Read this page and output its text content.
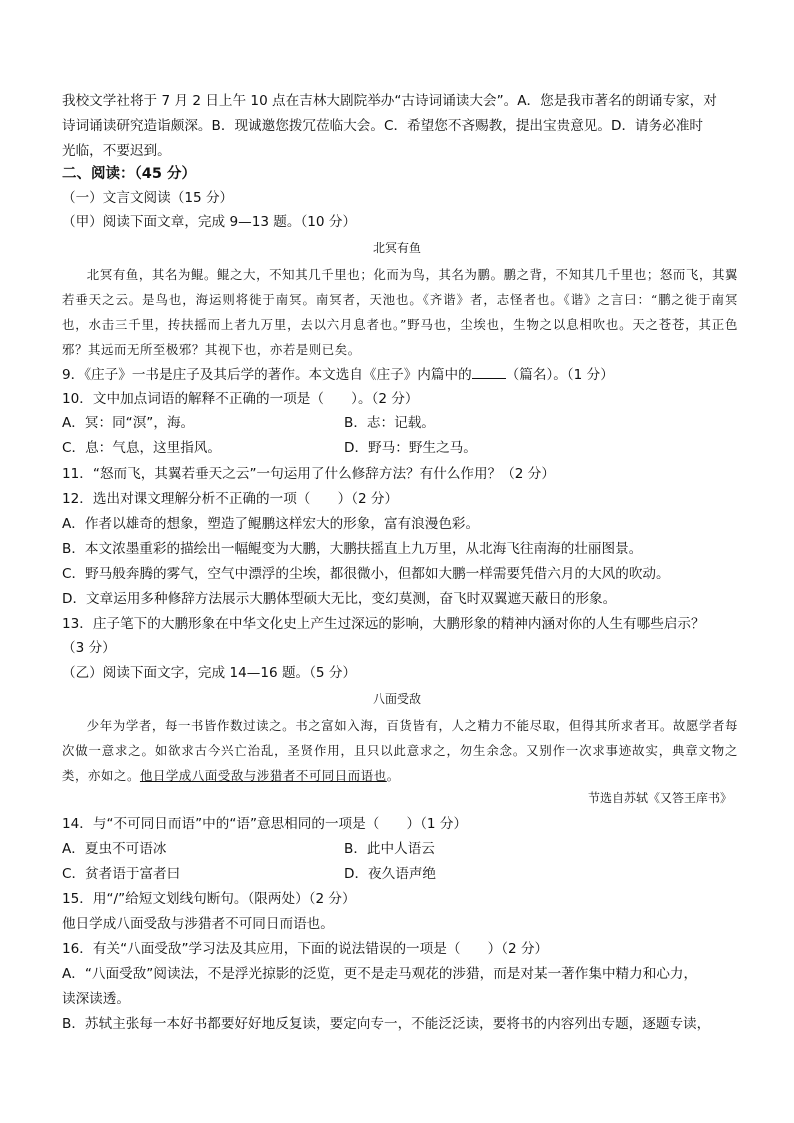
我校文学社将于 7 月 2 日上午 10 点在吉林大剧院举办“古诗词诵读大会”。A．您是我市著名的朗诵专家，对
诗词诵读研究造诣颇深。B．现诚邀您拨冗莅临大会。C．希望您不吝赐教，提出宝贵意见。D．请务必准时
光临，不要迟到。
二、阅读：（45 分）
（一）文言文阅读（15 分）
（甲）阅读下面文章，完成 9—13 题。（10 分）
北冥有鱼
北冥有鱼，其名为鲲。鲲之大，不知其几千里也；化而为鸟，其名为鹏。鹏之背，不知其几千里也；怒而飞，其翼若垂天之云。是鸟也，海运则将徙于南冥。南冥者，天池也。《齐谐》者，志怪者也。《谐》之言曰：“鹏之徙于南冥也，水击三千里，抟扶摇而上者九万里，去以六月息者也。”野马也，尘埃也，生物之以息相吹也。天之苍苍，其正色邪？其远而无所至极邪？其视下也，亦若是则已矣。
9．《庄子》一书是庄子及其后学的著作。本文选自《庄子》内篇中的	（篇名）。（1 分）
10．文中加点词语的解释不正确的一项是（　　）。（2 分）
A．冥：同“溟”，海。	B．志：记载。
C．息：气息，这里指风。	D．野马：野生之马。
11．“怒而飞，其翼若垂天之云”一句运用了什么修辞方法？有什么作用？（2 分）
12．选出对课文理解分析不正确的一项（　　）（2 分）
A．作者以雄奇的想象，塑造了鲲鹏这样宏大的形象，富有浪漫色彩。
B．本文浓墨重彩的描绘出一幅鲲变为大鹏，大鹏扶摇直上九万里，从北海飞往南海的壮丽图景。
C．野马般奔腾的雾气，空气中漂浮的尘埃，都很微小，但都如大鹏一样需要凭借六月的大风的吹动。
D．文章运用多种修辞方法展示大鹏体型硕大无比，变幻莫测，奋飞时双翼遮天蔽日的形象。
13．庄子笔下的大鹏形象在中华文化史上产生过深远的影响，大鹏形象的精神内涵对你的人生有哪些启示？
（3 分）
（乙）阅读下面文字，完成 14—16 题。（5 分）
八面受敌
少年为学者，每一书皆作数过读之。书之富如入海，百货皆有，人之精力不能尽取，但得其所求者耳。故愿学者每次做一意求之。如欲求古今兴亡治乱，圣贤作用，且只以此意求之，勿生余念。又别作一次求事迹故实，典章文物之类，亦如之。他日学成八面受敌与涉猎者不可同日而语也。
节选自苏轼《又答王庠书》
14．与“不可同日而语”中的“语”意思相同的一项是（　　）（1 分）
A．夏虫不可语冰	B．此中人语云
C．贫者语于富者曰	D．夜久语声绝
15．用“/”给短文划线句断句。（限两处）（2 分）
他日学成八面受敌与涉猎者不可同日而语也。
16．有关“八面受敌”学习法及其应用，下面的说法错误的一项是（　　）（2 分）
A．“八面受敌”阅读法，不是浮光掠影的泛览，更不是走马观花的涉猎，而是对某一著作集中精力和心力，
读深读透。
B．苏轼主张每一本好书都要好好地反复读，要定向专一，不能泛泛读，要将书的内容列出专题，逐题专读，
